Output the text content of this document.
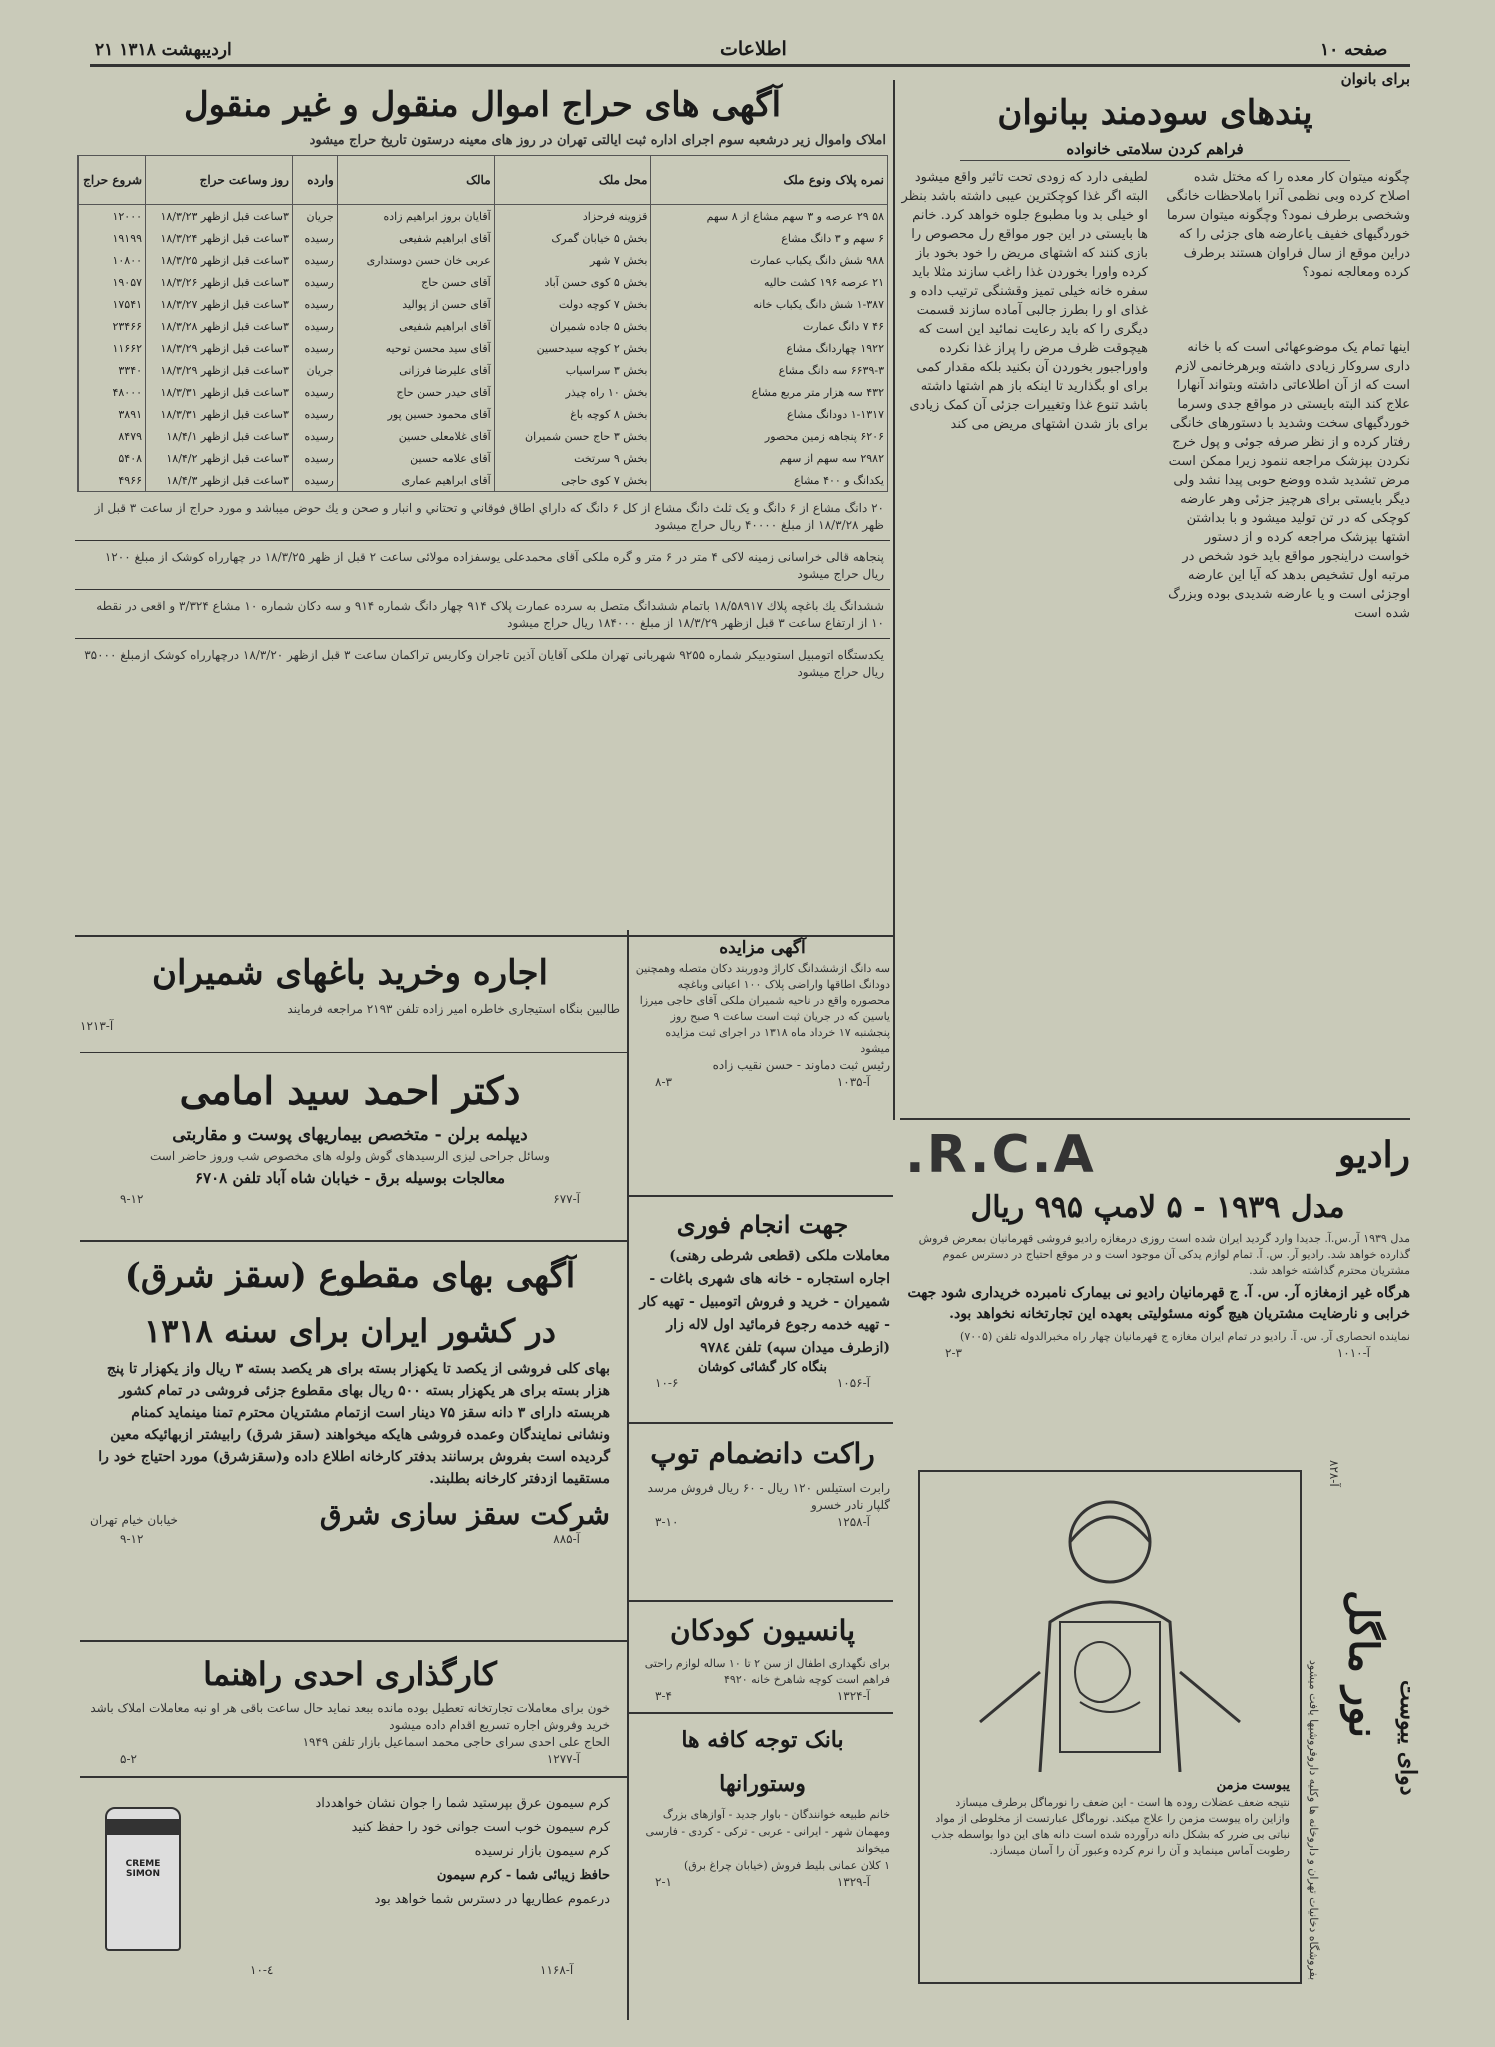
صفحه ۱۰
اطلاعات
۲۱ اردیبهشت ۱۳۱۸
برای بانوان
آگهی های حراج اموال منقول و غیر منقول
املاک واموال زیر درشعبه سوم اجرای اداره ثبت ایالتی تهران در روز های معینه درستون تاریخ حراج میشود
نمره پلاک ونوع ملک	محل ملک	مالک	وارده	روز وساعت حراج	شروع حراج
۵۸ ۲۹ عرصه و ۳ سهم مشاع از ۸ سهم	قزوینه فرحزاد	آقایان بروز ابراهیم زاده	جریان	۳ساعت قبل ازظهر ۱۸/۳/۲۳	۱۲۰۰۰
۶ سهم و ۳ دانگ مشاع	بخش ۵ خیابان گمرک	آقای ابراهیم شفیعی	رسیده	۳ساعت قبل ازظهر ۱۸/۳/۲۴	۱۹۱۹۹
۹۸۸ شش دانگ یکباب عمارت	بخش ۷ شهر	عربی خان حسن دوستداری	رسیده	۳ساعت قبل ازظهر ۱۸/۳/۲۵	۱۰۸۰۰
۲۱ عرصه ۱۹۶ کشت حالیه	بخش ۵ کوی حسن آباد	آقای حسن حاج	رسیده	۳ساعت قبل ازظهر ۱۸/۳/۲۶	۱۹۰۵۷
۱-۳۸۷ شش دانگ یکباب خانه	بخش ۷ کوچه دولت	آقای حسن از پوالید	رسیده	۳ساعت قبل ازظهر ۱۸/۳/۲۷	۱۷۵۴۱
۴۶ ۷ دانگ عمارت	بخش ۵ جاده شمیران	آقای ابراهیم شفیعی	رسیده	۳ساعت قبل ازظهر ۱۸/۳/۲۸	۲۳۴۶۶
۱۹۲۲ چهاردانگ مشاع	بخش ۲ کوچه سیدحسین	آقای سید محسن توحیه	رسیده	۳ساعت قبل ازظهر ۱۸/۳/۲۹	۱۱۶۶۲
۶۶۳۹-۳ سه دانگ مشاع	بخش ۳ سراسیاب	آقای علیرضا فرزانی	جریان	۳ساعت قبل ازظهر ۱۸/۳/۲۹	۳۳۴۰
۴۳۲ سه هزار متر مربع مشاع	بخش ۱۰ راه چیذر	آقای حیدر حسن حاج	رسیده	۳ساعت قبل ازظهر ۱۸/۳/۳۱	۴۸۰۰۰
۱-۱۳۱۷ دودانگ مشاع	بخش ۸ کوچه باغ	آقای محمود حسین پور	رسیده	۳ساعت قبل ازظهر ۱۸/۳/۳۱	۳۸۹۱
۶۲۰۶ پنجاهه زمین محصور	بخش ۳ حاج حسن شمیران	آقای غلامعلی حسین	رسیده	۳ساعت قبل ازظهر ۱۸/۴/۱	۸۴۷۹
۲۹۸۲ سه سهم از سهم	بخش ۹ سرتخت	آقای علامه حسین	رسیده	۳ساعت قبل ازظهر ۱۸/۴/۲	۵۴۰۸
یکدانگ و ۴۰۰ مشاع	بخش ۷ کوی حاجی	آقای ابراهیم عماری	رسیده	۳ساعت قبل ازظهر ۱۸/۴/۳	۴۹۶۶
۲۰ دانگ مشاع از ۶ دانگ و یک ثلث دانگ مشاع از کل ۶ دانگ که داراي اطاق فوقاني و تحتاني و انبار و صحن و يك حوض ميباشد و مورد حراج از ساعت ۳ قبل از ظهر ۱۸/۳/۲۸ از مبلغ ۴۰۰۰۰ ريال حراج ميشود
پنجاهه قالی خراسانی زمینه لاکی ۴ متر در ۶ متر و گره ملکی آقای محمدعلی یوسفزاده مولائی ساعت ۲ قبل از ظهر ۱۸/۳/۲۵ در چهارراه کوشک از مبلغ ۱۲۰۰ ریال حراج میشود
ششدانگ یك باغچه پلاك ۱۸/۵۸۹۱۷ باتمام ششدانگ متصل به سرده عمارت پلاک ۹۱۴ چهار دانگ شماره ۹۱۴ و سه دکان شماره ۱۰ مشاع ۳/۳۲۴ و اقعی در نقطه ۱۰ از ارتفاع ساعت ۳ قبل ازظهر ۱۸/۳/۲۹ از مبلغ ۱۸۴۰۰۰ ریال حراج میشود
یکدستگاه اتومبیل استودبیکر شماره ۹۲۵۵ شهربانی تهران ملکی آقایان آذین تاجران وکاریس تراکمان ساعت ۳ قبل ازظهر ۱۸/۳/۲۰ درچهارراه کوشک ازمبلغ ۳۵۰۰۰ ریال حراج میشود
پندهای سودمند ببانوان
فراهم کردن سلامتی خانواده
چگونه میتوان کار معده را که مختل شده اصلاح کرده وبی نظمی آنرا باملاحظات خانگی وشخصی برطرف نمود؟ وچگونه میتوان سرما خوردگیهای خفیف یاعارضه های جزئی را که دراین موقع از سال فراوان هستند برطرف کرده ومعالجه نمود؟
اینها تمام یک موضوعهائی است که با خانه داری سروکار زیادی داشته وبرهرخانمی لازم است که از آن اطلاعاتی داشته وبتواند آنهارا علاج کند البته بایستی در مواقع جدی وسرما خوردگیهای سخت وشدید با دستورهای خانگی رفتار کرده و از نظر صرفه جوئی و پول خرج نکردن بپزشک مراجعه ننمود زیرا ممکن است مرض تشدید شده ووضع حوبی پیدا نشد ولی دیگر بایستی برای هرچیز جزئی وهر عارضه کوچکی که در تن تولید میشود و با بداشتن اشتها بپزشک مراجعه کرده و از دستور خواست دراینجور مواقع باید خود شخص در مرتبه اول تشخیص بدهد که آیا این عارضه اوجزئی است و یا عارضه شدیدی بوده وبزرگ شده است
لطیفی دارد که زودی تحت تاثیر واقع میشود البته اگر غذا کوچکترین عیبی داشته باشد بنظر او خیلی بد وبا مطبوع جلوه خواهد کرد. خانم ها بایستی در این جور مواقع رل محصوص را بازی کنند که اشتهای مریض را خود بخود باز کرده واورا بخوردن غذا راغب سازند مثلا باید سفره خانه خیلی تمیز وقشنگی ترتیب داده و غذای او را بطرز جالبی آماده سازند قسمت دیگری را که باید رعایت نمائید این است که هیچوقت ظرف مرض را پراز غذا نکرده واوراجبور بخوردن آن بکنید بلکه مقدار کمی برای او بگذارید تا اینکه باز هم اشتها داشته باشد تنوع غذا وتغییرات جزئی آن کمک زیادی برای باز شدن اشتهای مریض می کند
اجاره وخرید باغهای شمیران
طالبین بنگاه استیجاری خاطره امیر زاده تلفن ۲۱۹۳ مراجعه فرمایند
آ-۱۲۱۳
دکتر احمد سید امامی
دیپلمه برلن - متخصص بیماریهای پوست و مقاربتی
وسائل جراحی لیزی الرسیدهای گوش ولوله های مخصوص شب وروز حاضر است
معالجات بوسیله برق - خیابان شاه آباد تلفن ۶۷۰۸
۹-۱۲	آ-۶۷۷
آگهی بهای مقطوع (سقز شرق)
در کشور ایران برای سنه ۱۳۱۸
بهای کلی فروشی از یکصد تا یکهزار بسته برای هر یکصد بسته ۳ ریال واز یکهزار تا پنج هزار بسته برای هر یکهزار بسته ۵۰۰ ریال بهای مقطوع جزئی فروشی در تمام کشور هربسته دارای ۳ دانه سقز ۷۵ دینار است ازتمام مشتریان محترم تمنا مینماید کمنام ونشانی نمایندگان وعمده فروشی هایکه میخواهند (سقز شرق) رابیشتر ازبهائیکه معین گردیده است بفروش برسانند بدفتر کارخانه اطلاع داده و(سقزشرق) مورد احتیاج خود را مستقیما ازدفتر کارخانه بطلبند.
شرکت سقز سازی شرق
خیابان خیام تهران
۹-۱۲	آ-۸۸۵
کارگذاری احدی راهنما
خون برای معاملات تجارتخانه تعطیل بوده مانده ببعد نماید حال ساعت باقی هر او نبه معاملات املاک باشد خرید وفروش اجاره تسریع اقدام داده میشود
الحاج علی احدی سرای حاجی محمد اسماعیل بازار تلفن ۱۹۴۹
۵-۲	آ-۱۲۷۷
CREME SIMON
کرم سیمون عرق بپرستید شما را جوان نشان خواهدداد
کرم سیمون خوب است جوانی خود را حفظ کنید
کرم سیمون بازار نرسیده
حافظ زیبائی شما - کرم سیمون
درعموم عطاریها در دسترس شما خواهد بود
۱۰-٤	آ-۱۱۶۸
آگهی مزایده
سه دانگ ازششدانگ کاراژ ودوربند دکان متصله وهمچنین دودانگ اطاقها واراضی پلاک ۱۰۰ اعیانی وباغچه محصوره واقع در ناحیه شمیران ملکی آقای حاجی میرزا یاسین که در جریان ثبت است ساعت ۹ صبح روز پنجشنبه ۱۷ خرداد ماه ۱۳۱۸ در اجرای ثبت مزایده میشود
رئیس ثبت دماوند - حسن نقیب زاده
۸-۳	آ-۱۰۳۵
جهت انجام فوری
معاملات ملکی (قطعی شرطی رهنی) اجاره استجاره - خانه های شهری باغات - شمیران - خرید و فروش اتومبیل - تهیه کار - تهیه خدمه رجوع فرمائید اول لاله زار (ازطرف میدان سپه) تلفن ۹۷۸٤
بنگاه کار گشائی کوشان
۱۰-۶	آ-۱۰۵۶
راکت دانضمام توپ
رابرت استیلس ۱۲۰ ریال - ۶۰ ریال فروش مرسد گلپار نادر خسرو
۳-۱۰	آ-۱۲۵۸
پانسیون کودکان
برای نگهداری اطفال از سن ۲ تا ۱۰ ساله لوازم راحتی فراهم است کوچه شاهرخ خانه ۴۹۲۰
۳-۴	آ-۱۳۲۴
بانک توجه کافه ها وستورانها
خانم طبیعه خوانندگان - باوار جدید - آوازهای بزرگ ومهمان شهر - ایرانی - عربی - ترکی - کردی - فارسی میخواند
۱ کلان عمانی بلیط فروش (خیابان چراغ برق)
۲-۱	آ-۱۳۲۹
رادیو
R.C.A.
مدل ۱۹۳۹ - ۵ لامپ ۹۹۵ ریال
مدل ۱۹۳۹ آر.س.آ. جدیدا وارد گردید ایران شده است روزی درمغازه رادیو فروشی قهرمانیان بمعرض فروش گذارده خواهد شد. رادیو آر. س. آ. تمام لوازم یدکی آن موجود است و در موقع احتیاج در دسترس عموم مشتریان محترم گذاشته خواهد شد.
هرگاه غیر ازمغازه آر. س. آ. ج قهرمانیان رادیو نی بیمارک نامبرده خریداری شود جهت خرابی و نارضایت مشتریان هیچ گونه مسئولیتی بعهده این تجارتخانه نخواهد بود.
نماینده انحصاری آر. س. آ. رادیو در تمام ایران مغازه ج قهرمانیان چهار راه مخبرالدوله تلفن (۷۰۰۵)
۲-۳	آ-۱۰۱۰
یبوست مزمن
نتیجه ضعف عضلات روده ها است - این ضعف را نورماگل برطرف میسازد وازاین راه یبوست مزمن را علاج میکند. نورماگل عبارتست از مخلوطی از مواد نباتی بی ضرر که بشکل دانه درآورده شده است دانه های این دوا بواسطه جذب رطوبت آماس مینماید و آن را نرم کرده وعبور آن را آسان میسازد.
نور ماگل دوای یبوست
بفروشگاه دخانیات تهران و داروخانه ها وکلیه داروفروشیها یافت میشود
آ-۸۲۸
